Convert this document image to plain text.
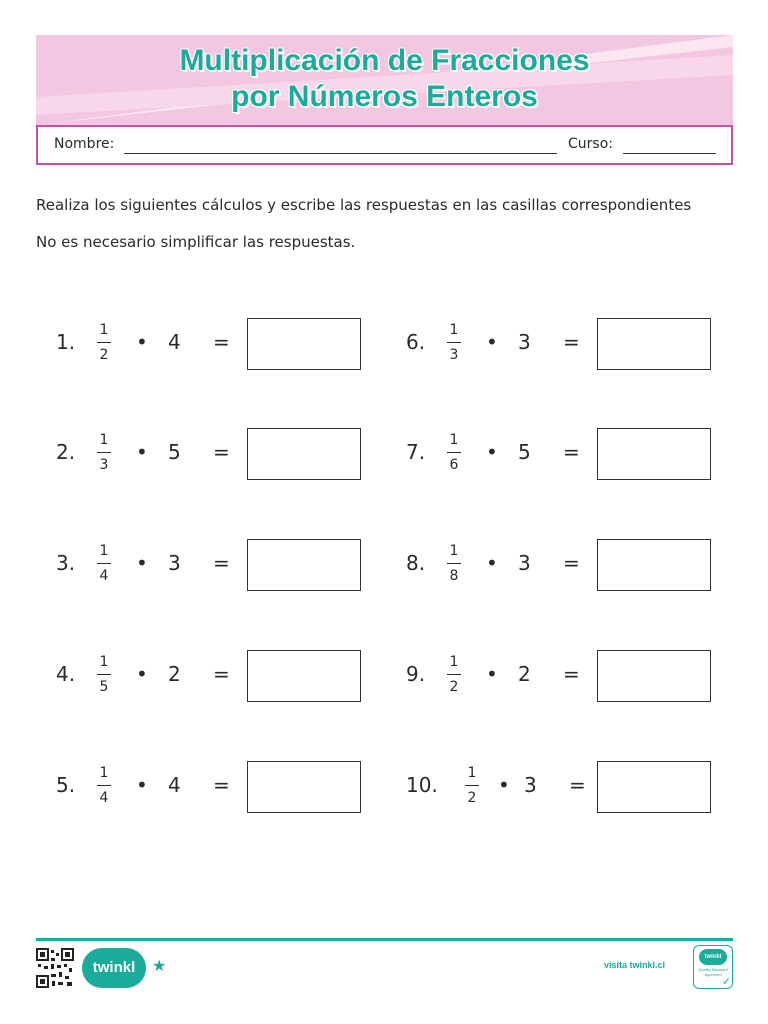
Multiplicación de Fracciones
por Números Enteros
Nombre:	Curso:
Realiza los siguientes cálculos y escribe las respuestas en las casillas correspondientes
No es necesario simplificar las respuestas.
1. 1
2
• 4 =
2. 1
3
• 5 =
3. 1
4
• 3 =
4. 1
5
• 2 =
5. 1
4
• 4 =
6. 1
3
• 3 =
7. 1
6
• 5 =
8. 1
8
• 3 =
9. 1
2
• 2 =
10. 1
2
• 3 =
twinkl	★	visita twinkl.cl
twinkl
Quality Standard Approved
✓
